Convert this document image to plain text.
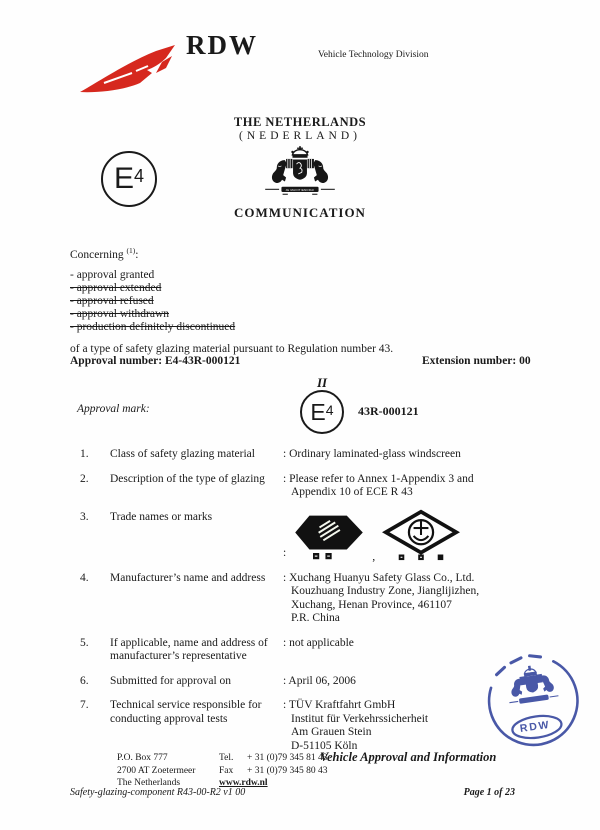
RDW	Vehicle Technology Division
THE NETHERLANDS
(NEDERLAND)
E 4
JE MAINTIENDRAI
COMMUNICATION
Concerning $^{(1)}$:
- approval granted
- approval extended
- approval refused
- approval withdrawn
- production definitely discontinued
of a type of safety glazing material pursuant to Regulation number 43.
Approval number: E4-43R-000121	Extension number: 00
Approval mark:
II
E 4 43R-000121
1.	Class of safety glazing material	: Ordinary laminated-glass windscreen
2.	Description of the type of glazing	: Please refer to Annex 1-Appendix 3 and
Appendix 10 of ECE R 43
3.	Trade names or marks
:	,
4.	Manufacturer’s name and address	: Xuchang Huanyu Safety Glass Co., Ltd.
Kouzhuang Industry Zone, Jianglijizhen,
Xuchang, Henan Province, 461107
P.R. China
5.	If applicable, name and address of
manufacturer’s representative
: not applicable
6.	Submitted for approval on	: April 06, 2006
7.	Technical service responsible for
conducting approval tests
: TÜV Kraftfahrt GmbH
Institut für Verkehrssicherheit
Am Grauen Stein
D-51105 Köln
RDW
P.O. Box 777
2700 AT Zoetermeer
The Netherlands
Tel. + 31 (0)79 345 81 43
Fax + 31 (0)79 345 80 43
www.rdw.nl
Vehicle Approval and Information
Safety-glazing-component R43-00-R2 v1 00	Page 1 of 23
